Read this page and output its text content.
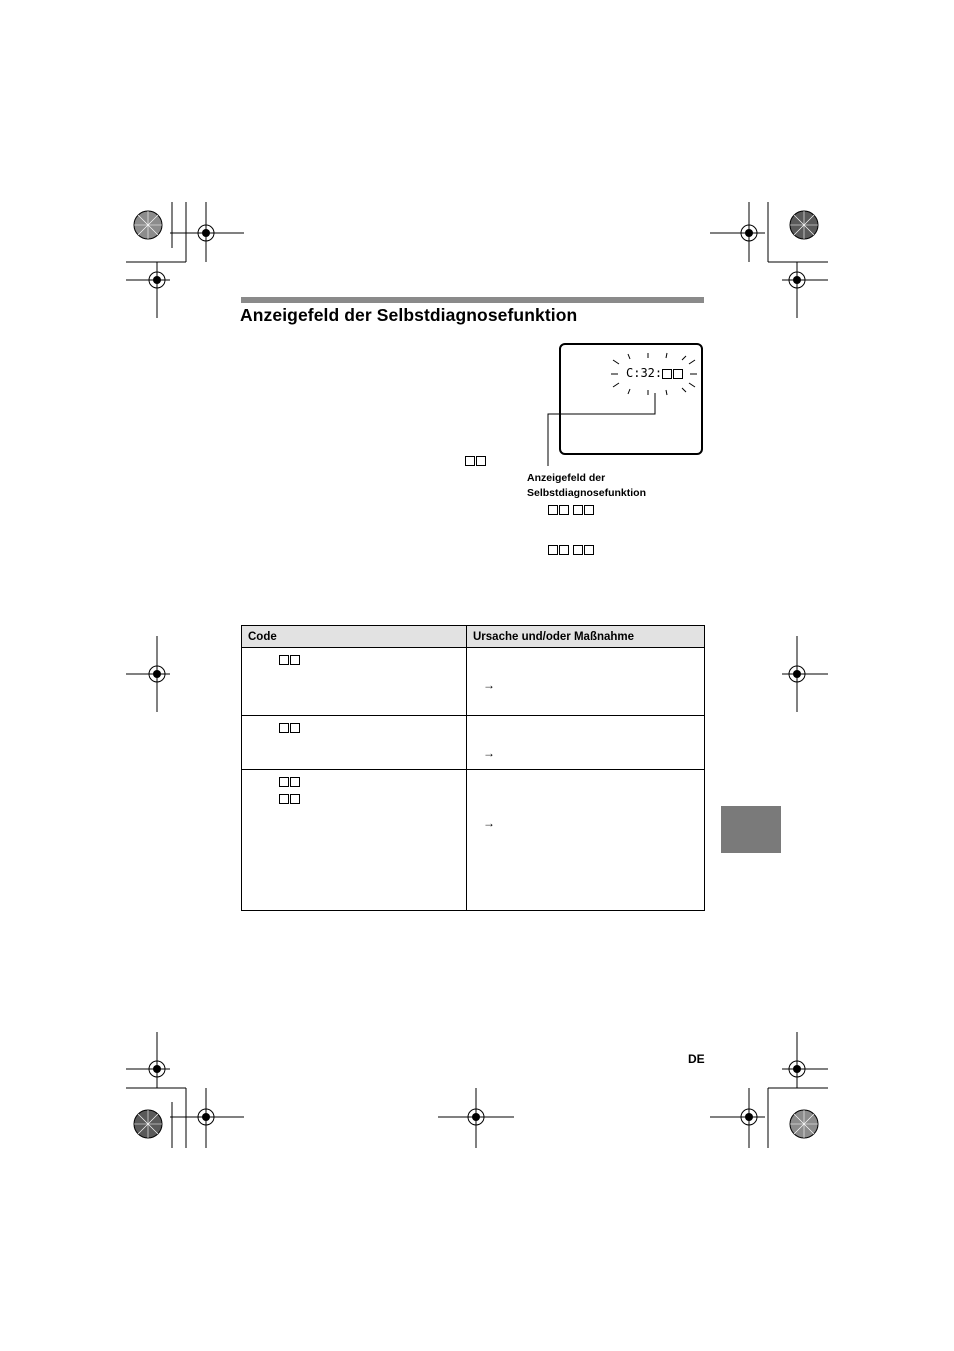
Anzeigefeld der Selbstdiagnosefunktion
C:32:
Anzeigefeld der Selbstdiagnosefunktion

Code	Ursache und/oder Maßnahme

	→

	→

	→
DE
